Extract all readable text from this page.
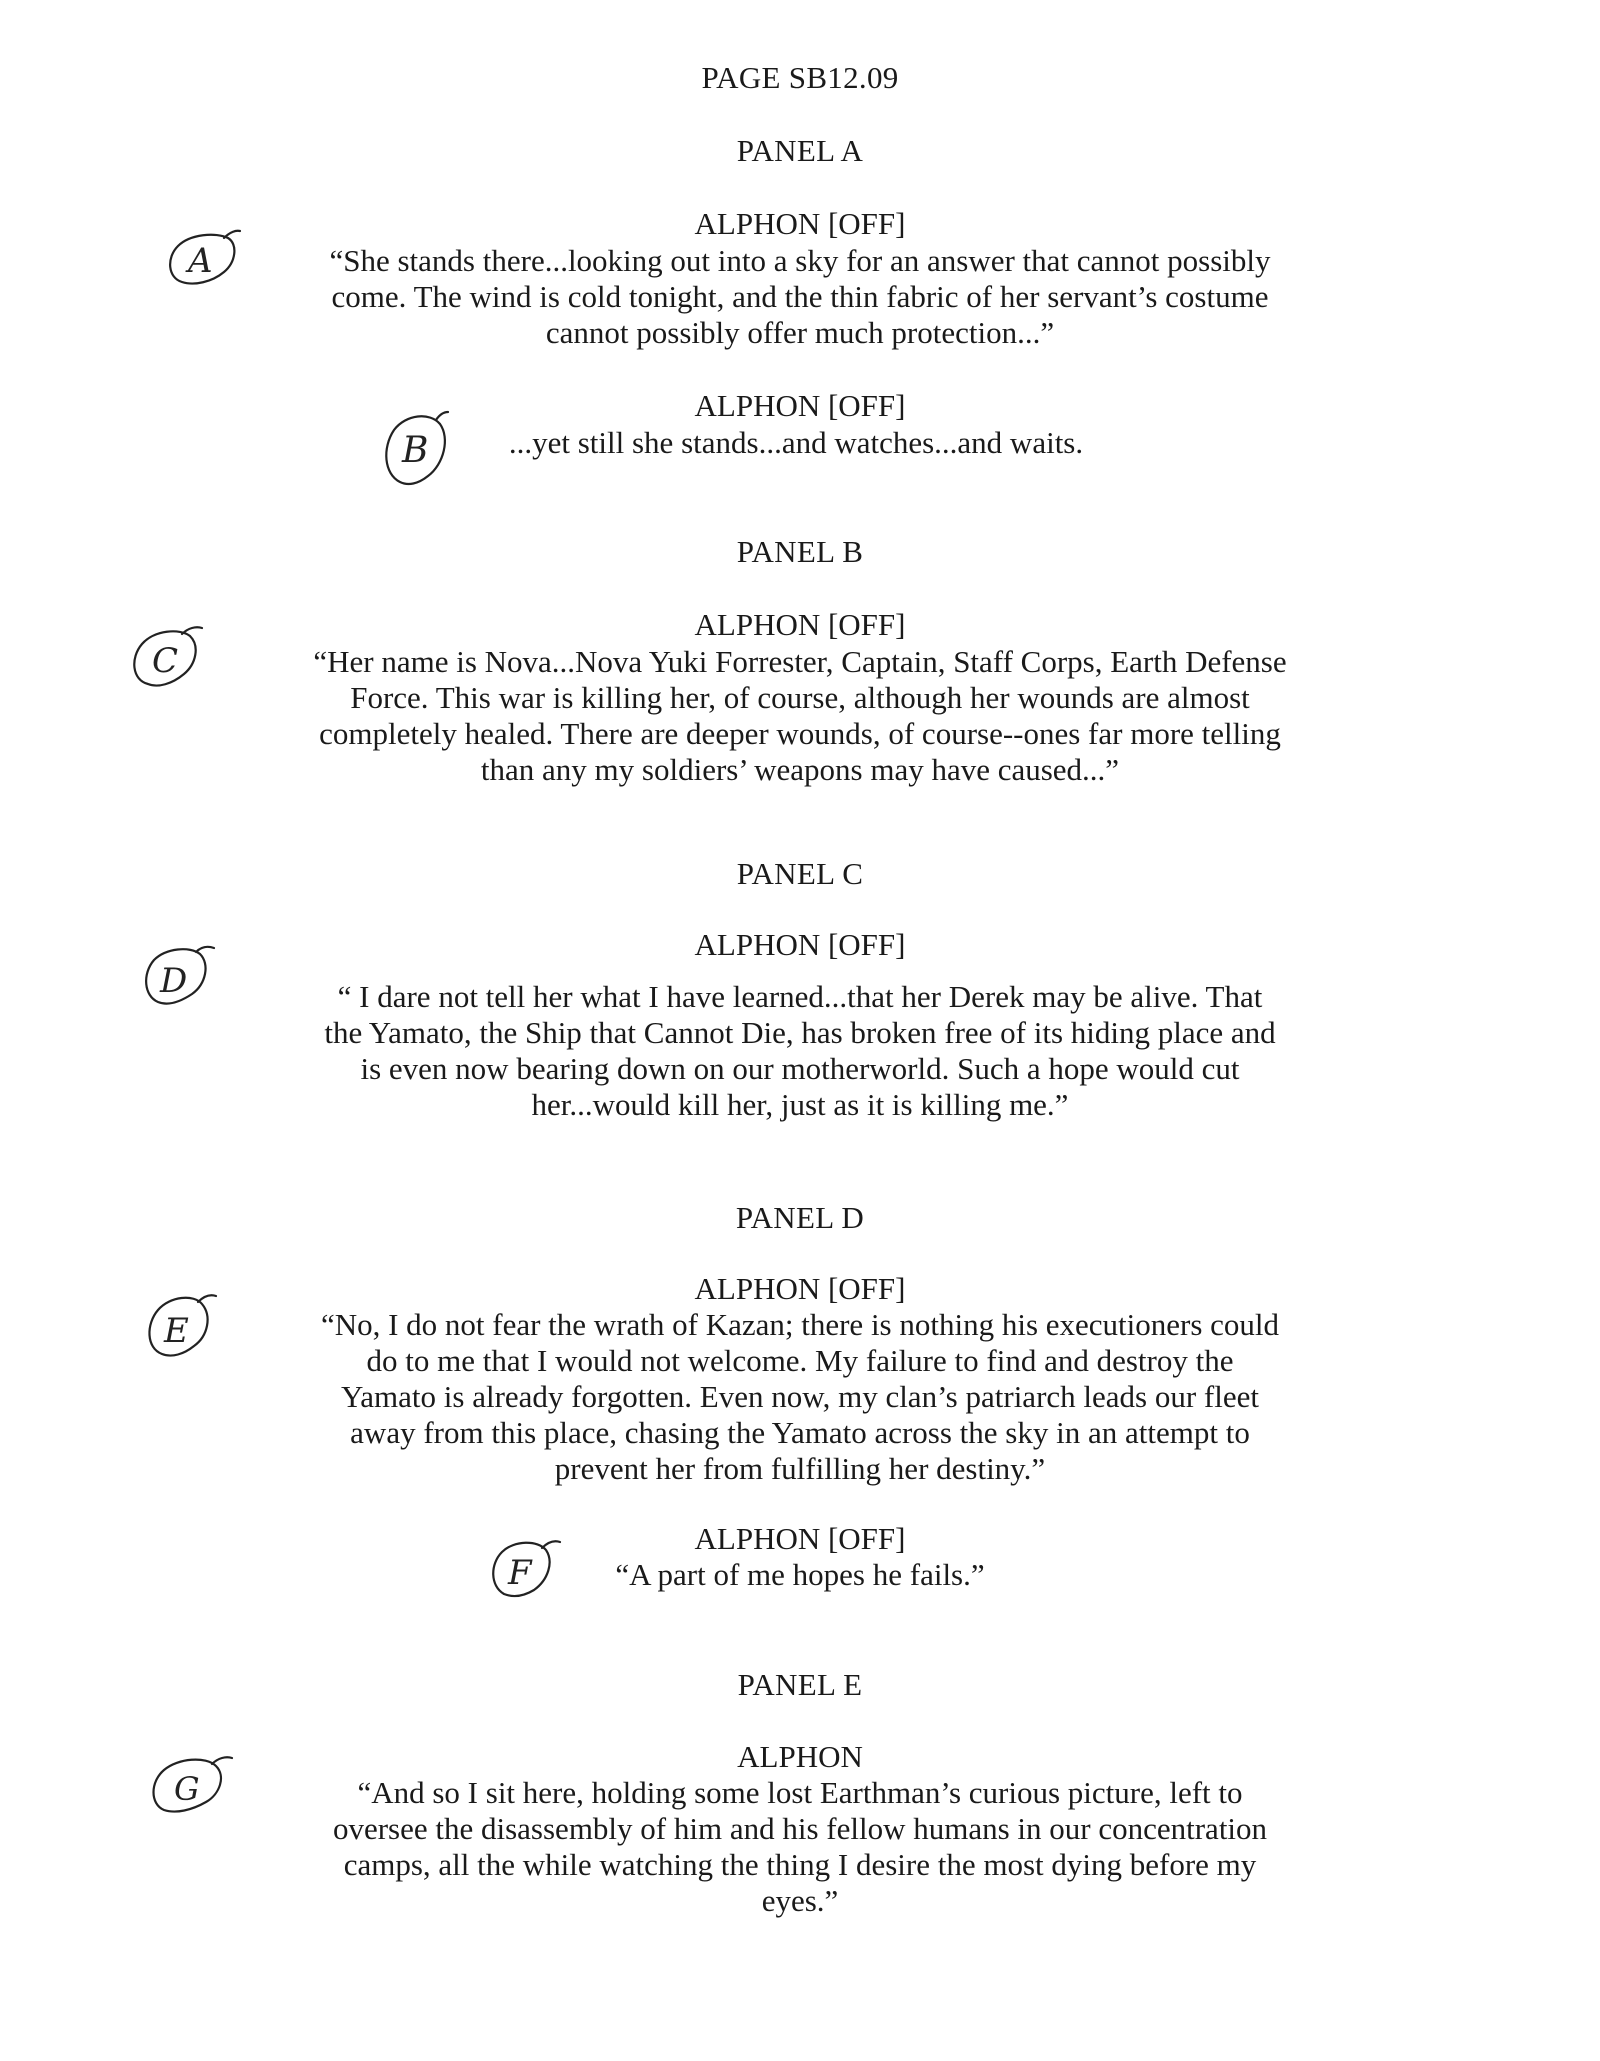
PAGE SB12.09
PANEL A
ALPHON [OFF]
A	“She stands there...looking out into a sky for an answer that cannot possibly
come. The wind is cold tonight, and the thin fabric of her servant’s costume
cannot possibly offer much protection...”
ALPHON [OFF]
B	...yet still she stands...and watches...and waits.
PANEL B
ALPHON [OFF]
C	“Her name is Nova...Nova Yuki Forrester, Captain, Staff Corps, Earth Defense
Force. This war is killing her, of course, although her wounds are almost
completely healed. There are deeper wounds, of course--ones far more telling
than any my soldiers’ weapons may have caused...”
PANEL C
ALPHON [OFF]
D	“ I dare not tell her what I have learned...that her Derek may be alive. That
the Yamato, the Ship that Cannot Die, has broken free of its hiding place and
is even now bearing down on our motherworld. Such a hope would cut
her...would kill her, just as it is killing me.”
PANEL D
ALPHON [OFF]
E	“No, I do not fear the wrath of Kazan; there is nothing his executioners could
do to me that I would not welcome. My failure to find and destroy the
Yamato is already forgotten. Even now, my clan’s patriarch leads our fleet
away from this place, chasing the Yamato across the sky in an attempt to
prevent her from fulfilling her destiny.”
ALPHON [OFF]
F	“A part of me hopes he fails.”
PANEL E
ALPHON
G	“And so I sit here, holding some lost Earthman’s curious picture, left to
oversee the disassembly of him and his fellow humans in our concentration
camps, all the while watching the thing I desire the most dying before my
eyes.”
